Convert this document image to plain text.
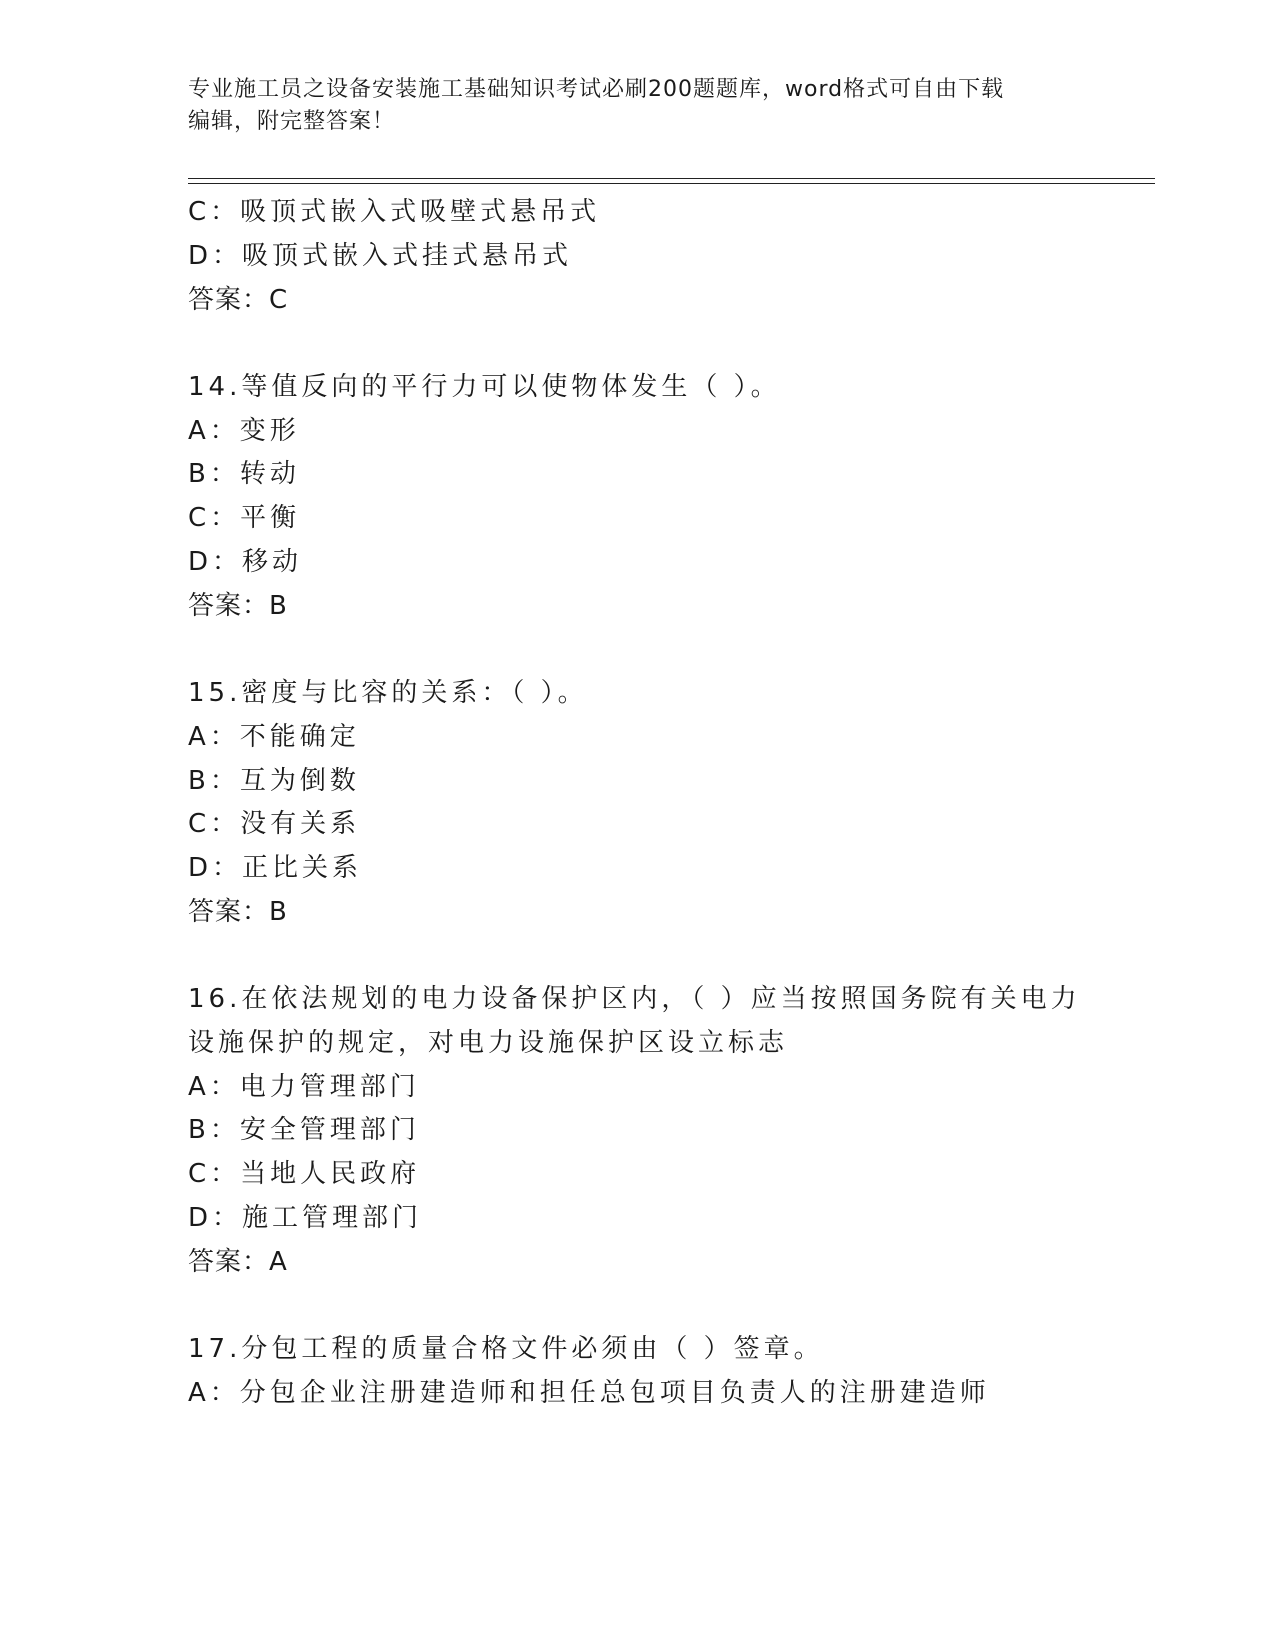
专业施工员之设备安装施工基础知识考试必刷200题题库，word格式可自由下载
编辑，附完整答案！
C：吸顶式嵌入式吸壁式悬吊式
D：吸顶式嵌入式挂式悬吊式
答案：C
14.等值反向的平行力可以使物体发生（ ）。
A：变形
B：转动
C：平衡
D：移动
答案：B
15.密度与比容的关系：（ ）。
A：不能确定
B：互为倒数
C：没有关系
D：正比关系
答案：B
16.在依法规划的电力设备保护区内，（ ）应当按照国务院有关电力
设施保护的规定，对电力设施保护区设立标志
A：电力管理部门
B：安全管理部门
C：当地人民政府
D：施工管理部门
答案：A
17.分包工程的质量合格文件必须由（ ）签章。
A：分包企业注册建造师和担任总包项目负责人的注册建造师
